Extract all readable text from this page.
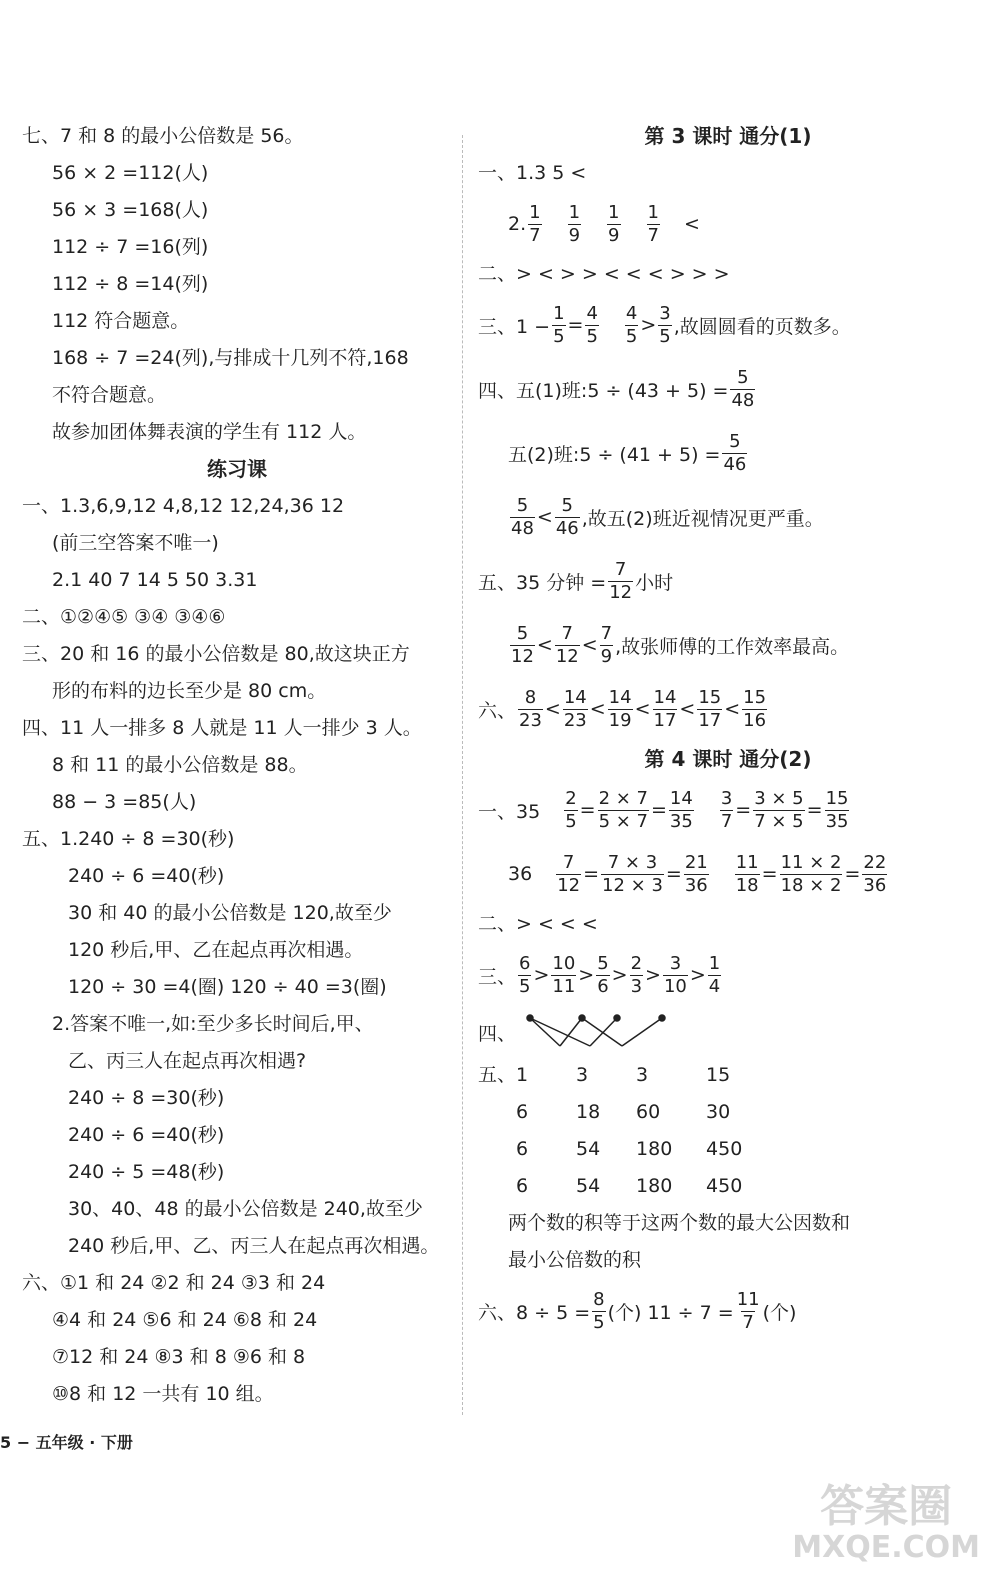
七、7 和 8 的最小公倍数是 56。
56 × 2 =112(人)
56 × 3 =168(人)
112 ÷ 7 =16(列)
112 ÷ 8 =14(列)
112 符合题意。
168 ÷ 7 =24(列),与排成十几列不符,168
不符合题意。
故参加团体舞表演的学生有 112 人。
练习课
一、1.3,6,9,12 4,8,12 12,24,36 12
(前三空答案不唯一)
2.1 40 7 14 5 50 3.31
二、①②④⑤ ③④ ③④⑥
三、20 和 16 的最小公倍数是 80,故这块正方
形的布料的边长至少是 80 cm。
四、11 人一排多 8 人就是 11 人一排少 3 人。
8 和 11 的最小公倍数是 88。
88 − 3 =85(人)
五、1.240 ÷ 8 =30(秒)
240 ÷ 6 =40(秒)
30 和 40 的最小公倍数是 120,故至少
120 秒后,甲、乙在起点再次相遇。
120 ÷ 30 =4(圈) 120 ÷ 40 =3(圈)
2.答案不唯一,如:至少多长时间后,甲、
乙、丙三人在起点再次相遇?
240 ÷ 8 =30(秒)
240 ÷ 6 =40(秒)
240 ÷ 5 =48(秒)
30、40、48 的最小公倍数是 240,故至少
240 秒后,甲、乙、丙三人在起点再次相遇。
六、①1 和 24 ②2 和 24 ③3 和 24
④4 和 24 ⑤6 和 24 ⑥8 和 24
⑦12 和 24 ⑧3 和 8 ⑨6 和 8
⑩8 和 12 一共有 10 组。
第 3 课时 通分(1)
一、1.3 5 <
2. $\frac{1}{7} \frac{1}{9} \frac{1}{9} \frac{1}{7}$ <
二、> < > > < < < > > >
三、$1 - \frac{1}{5} = \frac{4}{5} \frac{4}{5} > \frac{3}{5}$ ,故圆圆看的页数多。
四、五(1)班:5 ÷ $(43 + 5) = \frac{5}{48}$
五(2)班:5 ÷ $(41 + 5) = \frac{5}{46}$
$\frac{5}{48} < \frac{5}{46}$ ,故五(2)班近视情况更严重。
五、35 分钟 = $\frac{7}{12}$ 小时
$\frac{5}{12} < \frac{7}{12} < \frac{7}{9}$ ,故张师傅的工作效率最高。
六、 $\frac{8}{23} < \frac{14}{23} < \frac{14}{19} < \frac{14}{17} < \frac{15}{17} < \frac{15}{16}$
第 4 课时 通分(2)
一、$35 \frac{2}{5} = \frac{2 \times 7}{5 \times 7} = \frac{14}{35} \frac{3}{7} = \frac{3 \times 5}{7 \times 5} = \frac{15}{35}$
$36 \frac{7}{12} = \frac{7 \times 3}{12 \times 3} = \frac{21}{36} \frac{11}{18} = \frac{11 \times 2}{18 \times 2} = \frac{22}{36}$
二、> < < <
三、 $\frac{6}{5} > \frac{10}{11} > \frac{5}{6} > \frac{2}{3} > \frac{3}{10} > \frac{1}{4}$
四、
五、 1	3	3	15
6	18	60	30
6	54	180	450
6	54	180	450
两个数的积等于这两个数的最大公因数和
最小公倍数的积
六、$8 \div 5 = \frac{8}{5}$ (个) $11 \div 7 = \frac{11}{7}$ (个)
5 − 五年级 · 下册
答案圈
MXQE.COM
